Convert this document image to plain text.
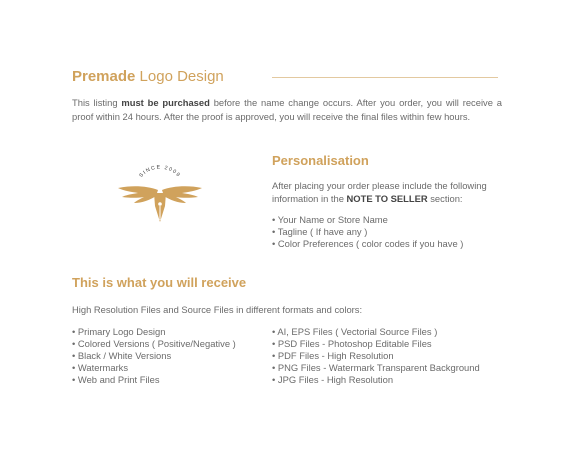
Premade Logo Design
This listing must be purchased before the name change occurs. After you order, you will receive a proof within 24 hours. After the proof is approved, you will receive the final files within few hours.
SINCE 2009
Personalisation
After placing your order please include the following information in the NOTE TO SELLER section:
• Your Name or Store Name
• Tagline ( If have any )
• Color Preferences ( color codes if you have )
This is what you will receive
High Resolution Files and Source Files in different formats and colors:
• Primary Logo Design
• Colored Versions ( Positive/Negative )
• Black / White Versions
• Watermarks
• Web and Print Files
• AI, EPS Files ( Vectorial Source Files )
• PSD Files - Photoshop Editable Files
• PDF Files - High Resolution
• PNG Files - Watermark Transparent Background
• JPG Files - High Resolution
